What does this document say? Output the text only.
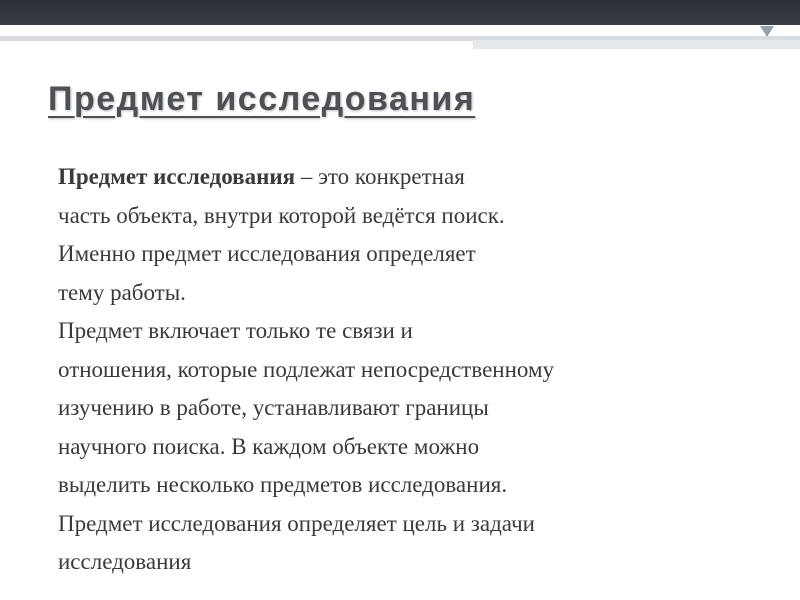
Предмет исследования
Предмет исследования – это конкретная
часть объекта, внутри которой ведётся поиск.
Именно предмет исследования определяет
тему работы.
Предмет включает только те связи и
отношения, которые подлежат непосредственному
изучению в работе, устанавливают границы
научного поиска. В каждом объекте можно
выделить несколько предметов исследования.
Предмет исследования определяет цель и задачи
исследования
